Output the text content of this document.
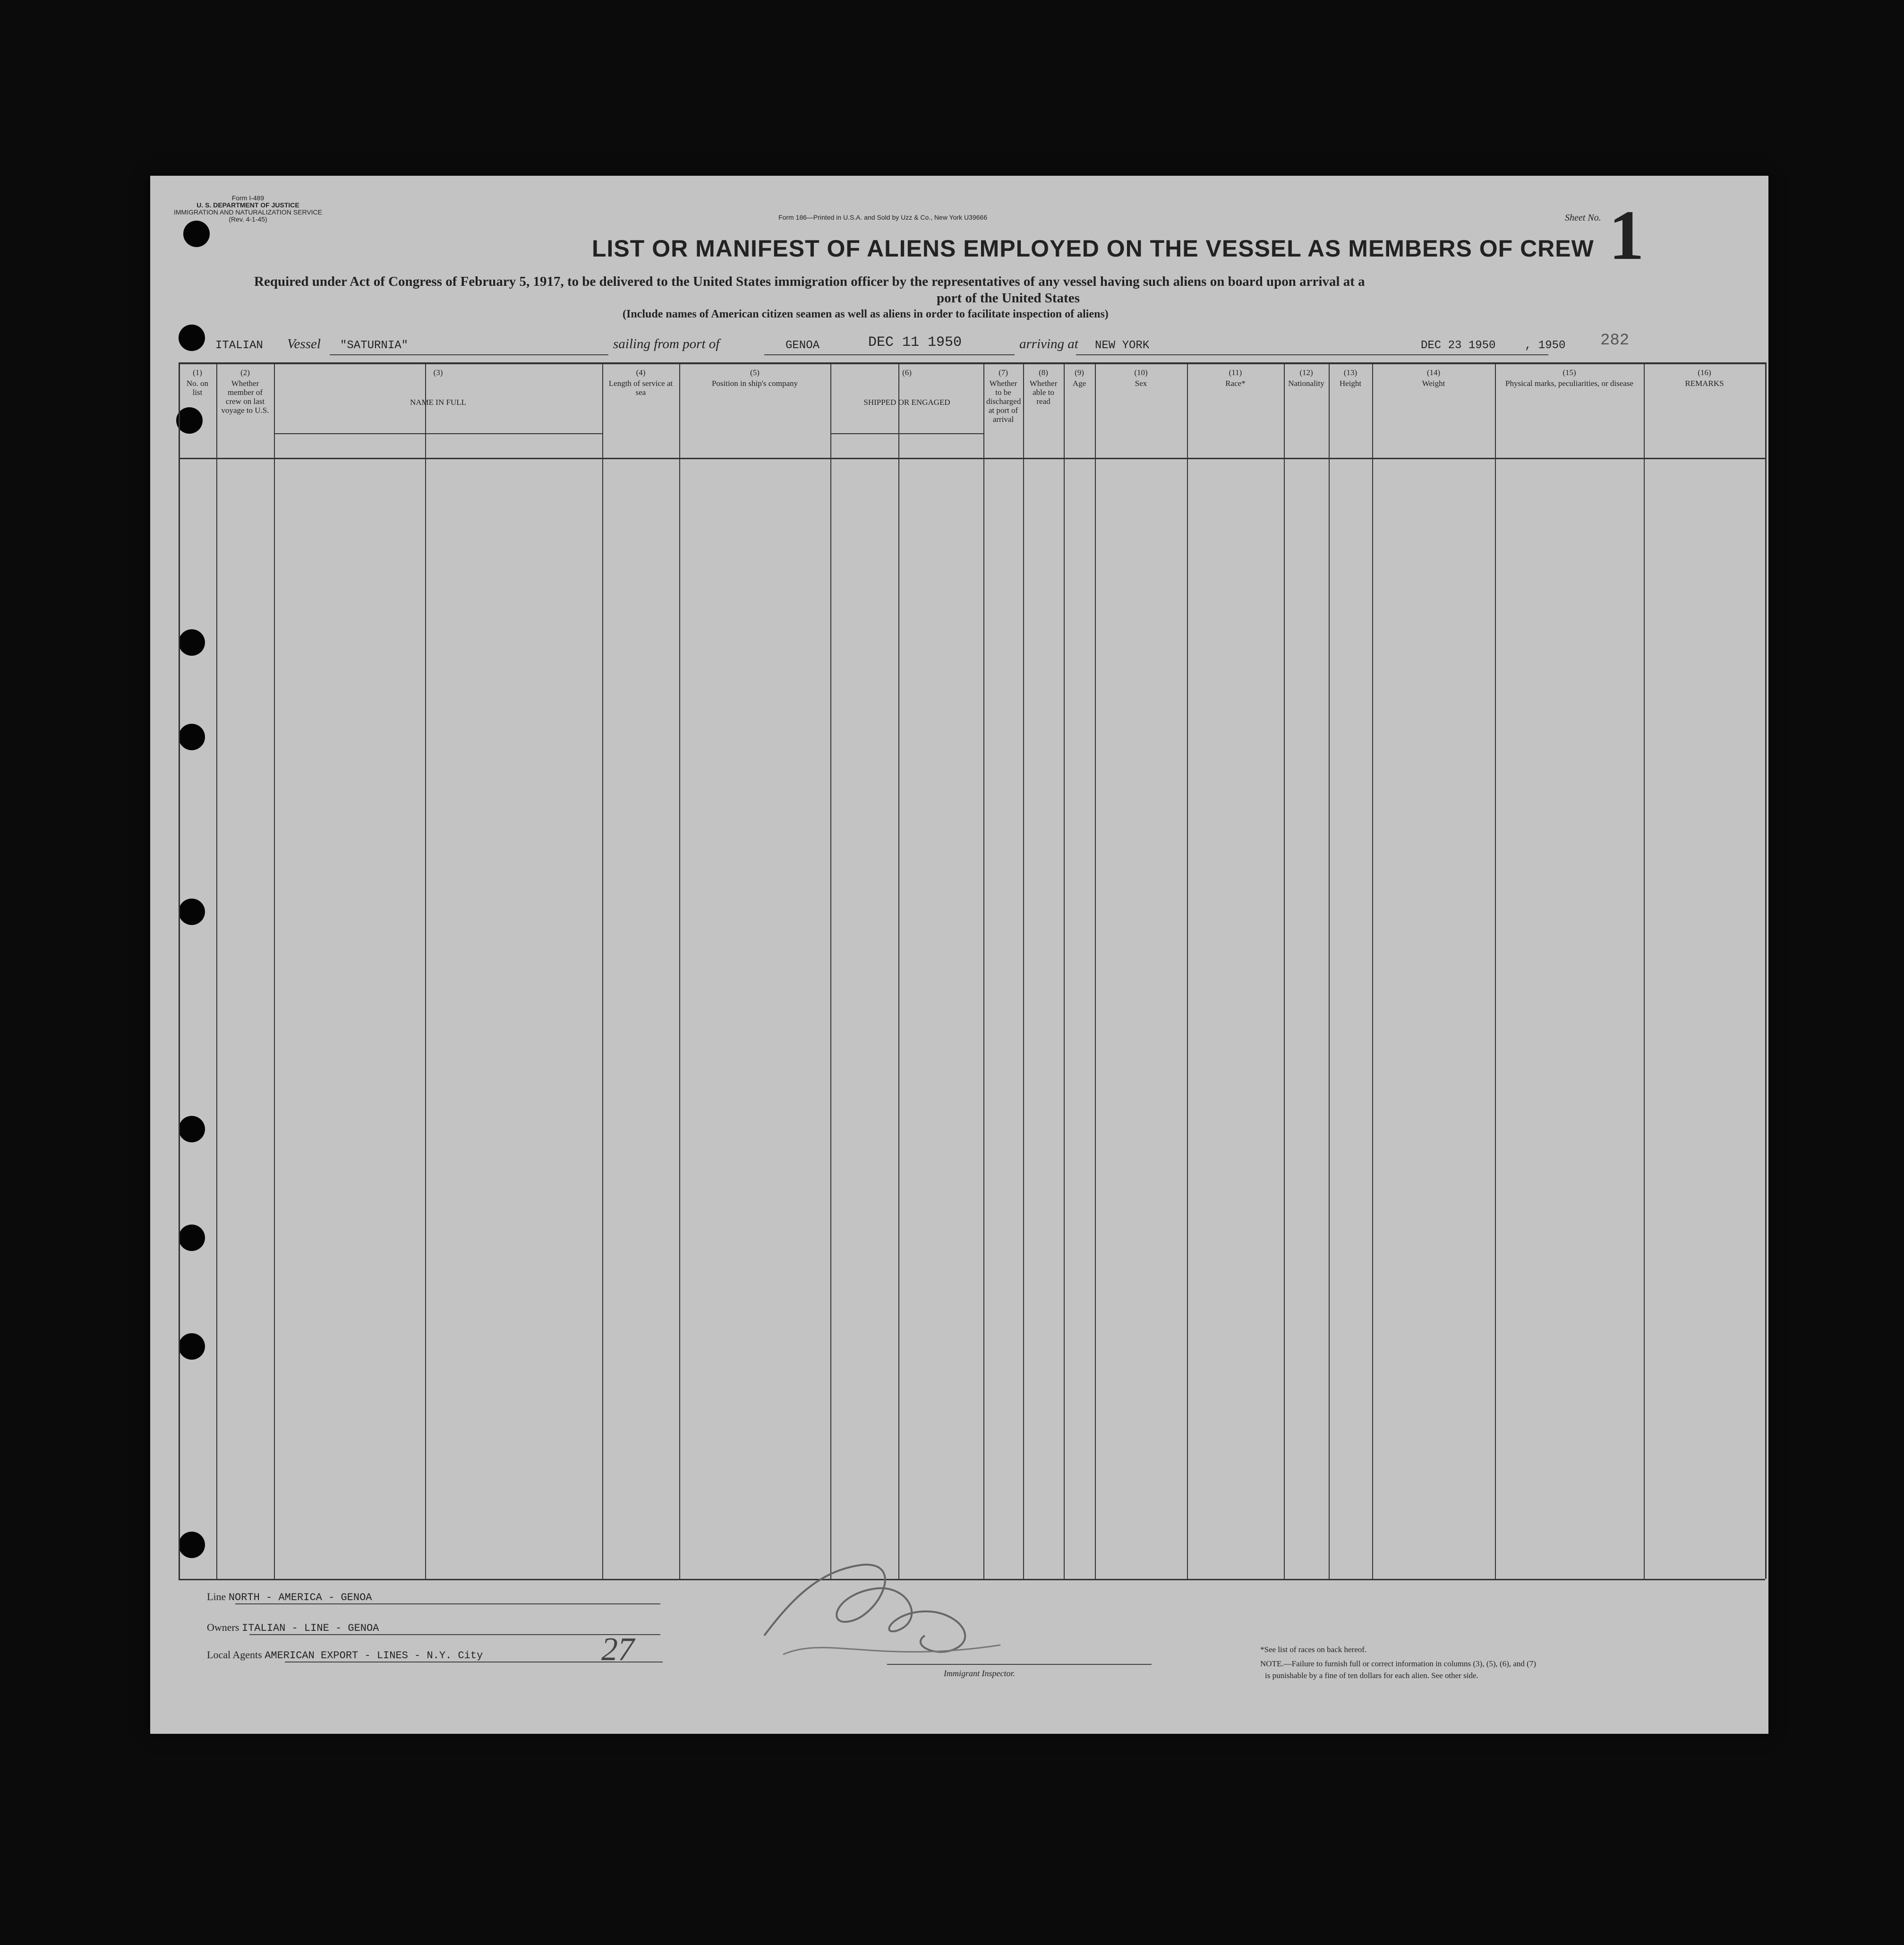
Form I-489
U. S. DEPARTMENT OF JUSTICE
IMMIGRATION AND NATURALIZATION SERVICE
(Rev. 4-1-45)	Form 186—Printed in U.S.A. and Sold by Uzz & Co., New York U39666	Sheet No. 1
LIST OR MANIFEST OF ALIENS EMPLOYED ON THE VESSEL AS MEMBERS OF CREW
Required under Act of Congress of February 5, 1917, to be delivered to the United States immigration officer by the representatives of any vessel having such aliens on board upon arrival at a
port of the United States
(Include names of American citizen seamen as well as aliens in order to facilitate inspection of aliens)
ITALIAN Vessel "SATURNIA"	sailing from port of	GENOA	DEC 11 1950	arriving at NEW YORK	DEC 23 1950	, 1950 282
(1)
No. on list
(2)
Whether member of crew on last voyage to U.S.
(3)
NAME IN FULL
(4)
Length of service at sea
(5)
Position in ship's company
(6)
SHIPPED OR ENGAGED
(7)
Whether to be discharged at port of arrival
(8)
Whether able to read
(9)
Age
(10)
Sex
(11)
Race*
(12)
Nationality
(13)
Height
(14)
Weight
(15)
Physical marks, peculiarities, or disease
(16)
REMARKS
Line NORTH - AMERICA - GENOA
Owners ITALIAN - LINE - GENOA
Local Agents AMERICAN EXPORT - LINES - N.Y. City	27
Immigrant Inspector.
*See list of races on back hereof.
NOTE.—Failure to furnish full or correct information in columns (3), (5), (6), and (7)
is punishable by a fine of ten dollars for each alien. See other side.
